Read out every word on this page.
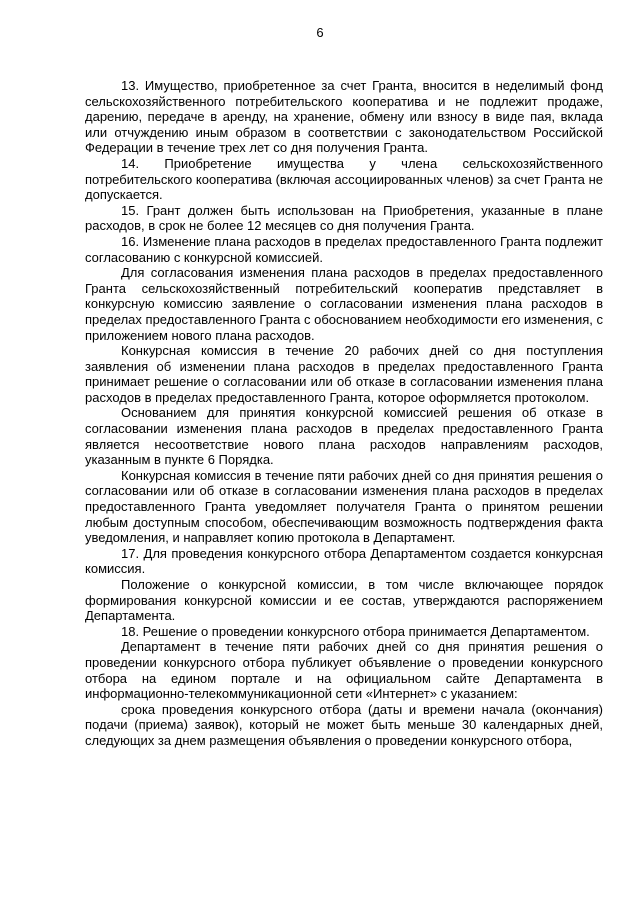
6

13. Имущество, приобретенное за счет Гранта, вносится в неделимый фонд сельскохозяйственного потребительского кооператива и не подлежит продаже, дарению, передаче в аренду, на хранение, обмену или взносу в виде пая, вклада или отчуждению иным образом в соответствии с законодательством Российской Федерации в течение трех лет со дня получения Гранта.

14. Приобретение имущества у члена сельскохозяйственного потребительского кооператива (включая ассоциированных членов) за счет Гранта не допускается.

15. Грант должен быть использован на Приобретения, указанные в плане расходов, в срок не более 12 месяцев со дня получения Гранта.

16. Изменение плана расходов в пределах предоставленного Гранта подлежит согласованию с конкурсной комиссией.

Для согласования изменения плана расходов в пределах предоставленного Гранта сельскохозяйственный потребительский кооператив представляет в конкурсную комиссию заявление о согласовании изменения плана расходов в пределах предоставленного Гранта с обоснованием необходимости его изменения, с приложением нового плана расходов.

Конкурсная комиссия в течение 20 рабочих дней со дня поступления заявления об изменении плана расходов в пределах предоставленного Гранта принимает решение о согласовании или об отказе в согласовании изменения плана расходов в пределах предоставленного Гранта, которое оформляется протоколом.

Основанием для принятия конкурсной комиссией решения об отказе в согласовании изменения плана расходов в пределах предоставленного Гранта является несоответствие нового плана расходов направлениям расходов, указанным в пункте 6 Порядка.

Конкурсная комиссия в течение пяти рабочих дней со дня принятия решения о согласовании или об отказе в согласовании изменения плана расходов в пределах предоставленного Гранта уведомляет получателя Гранта о принятом решении любым доступным способом, обеспечивающим возможность подтверждения факта уведомления, и направляет копию протокола в Департамент.

17. Для проведения конкурсного отбора Департаментом создается конкурсная комиссия.

Положение о конкурсной комиссии, в том числе включающее порядок формирования конкурсной комиссии и ее состав, утверждаются распоряжением Департамента.

18. Решение о проведении конкурсного отбора принимается Департаментом.

Департамент в течение пяти рабочих дней со дня принятия решения о проведении конкурсного отбора публикует объявление о проведении конкурсного отбора на едином портале и на официальном сайте Департамента в информационно-телекоммуникационной сети «Интернет» с указанием:

срока проведения конкурсного отбора (даты и времени начала (окончания) подачи (приема) заявок), который не может быть меньше 30 календарных дней, следующих за днем размещения объявления о проведении конкурсного отбора,
